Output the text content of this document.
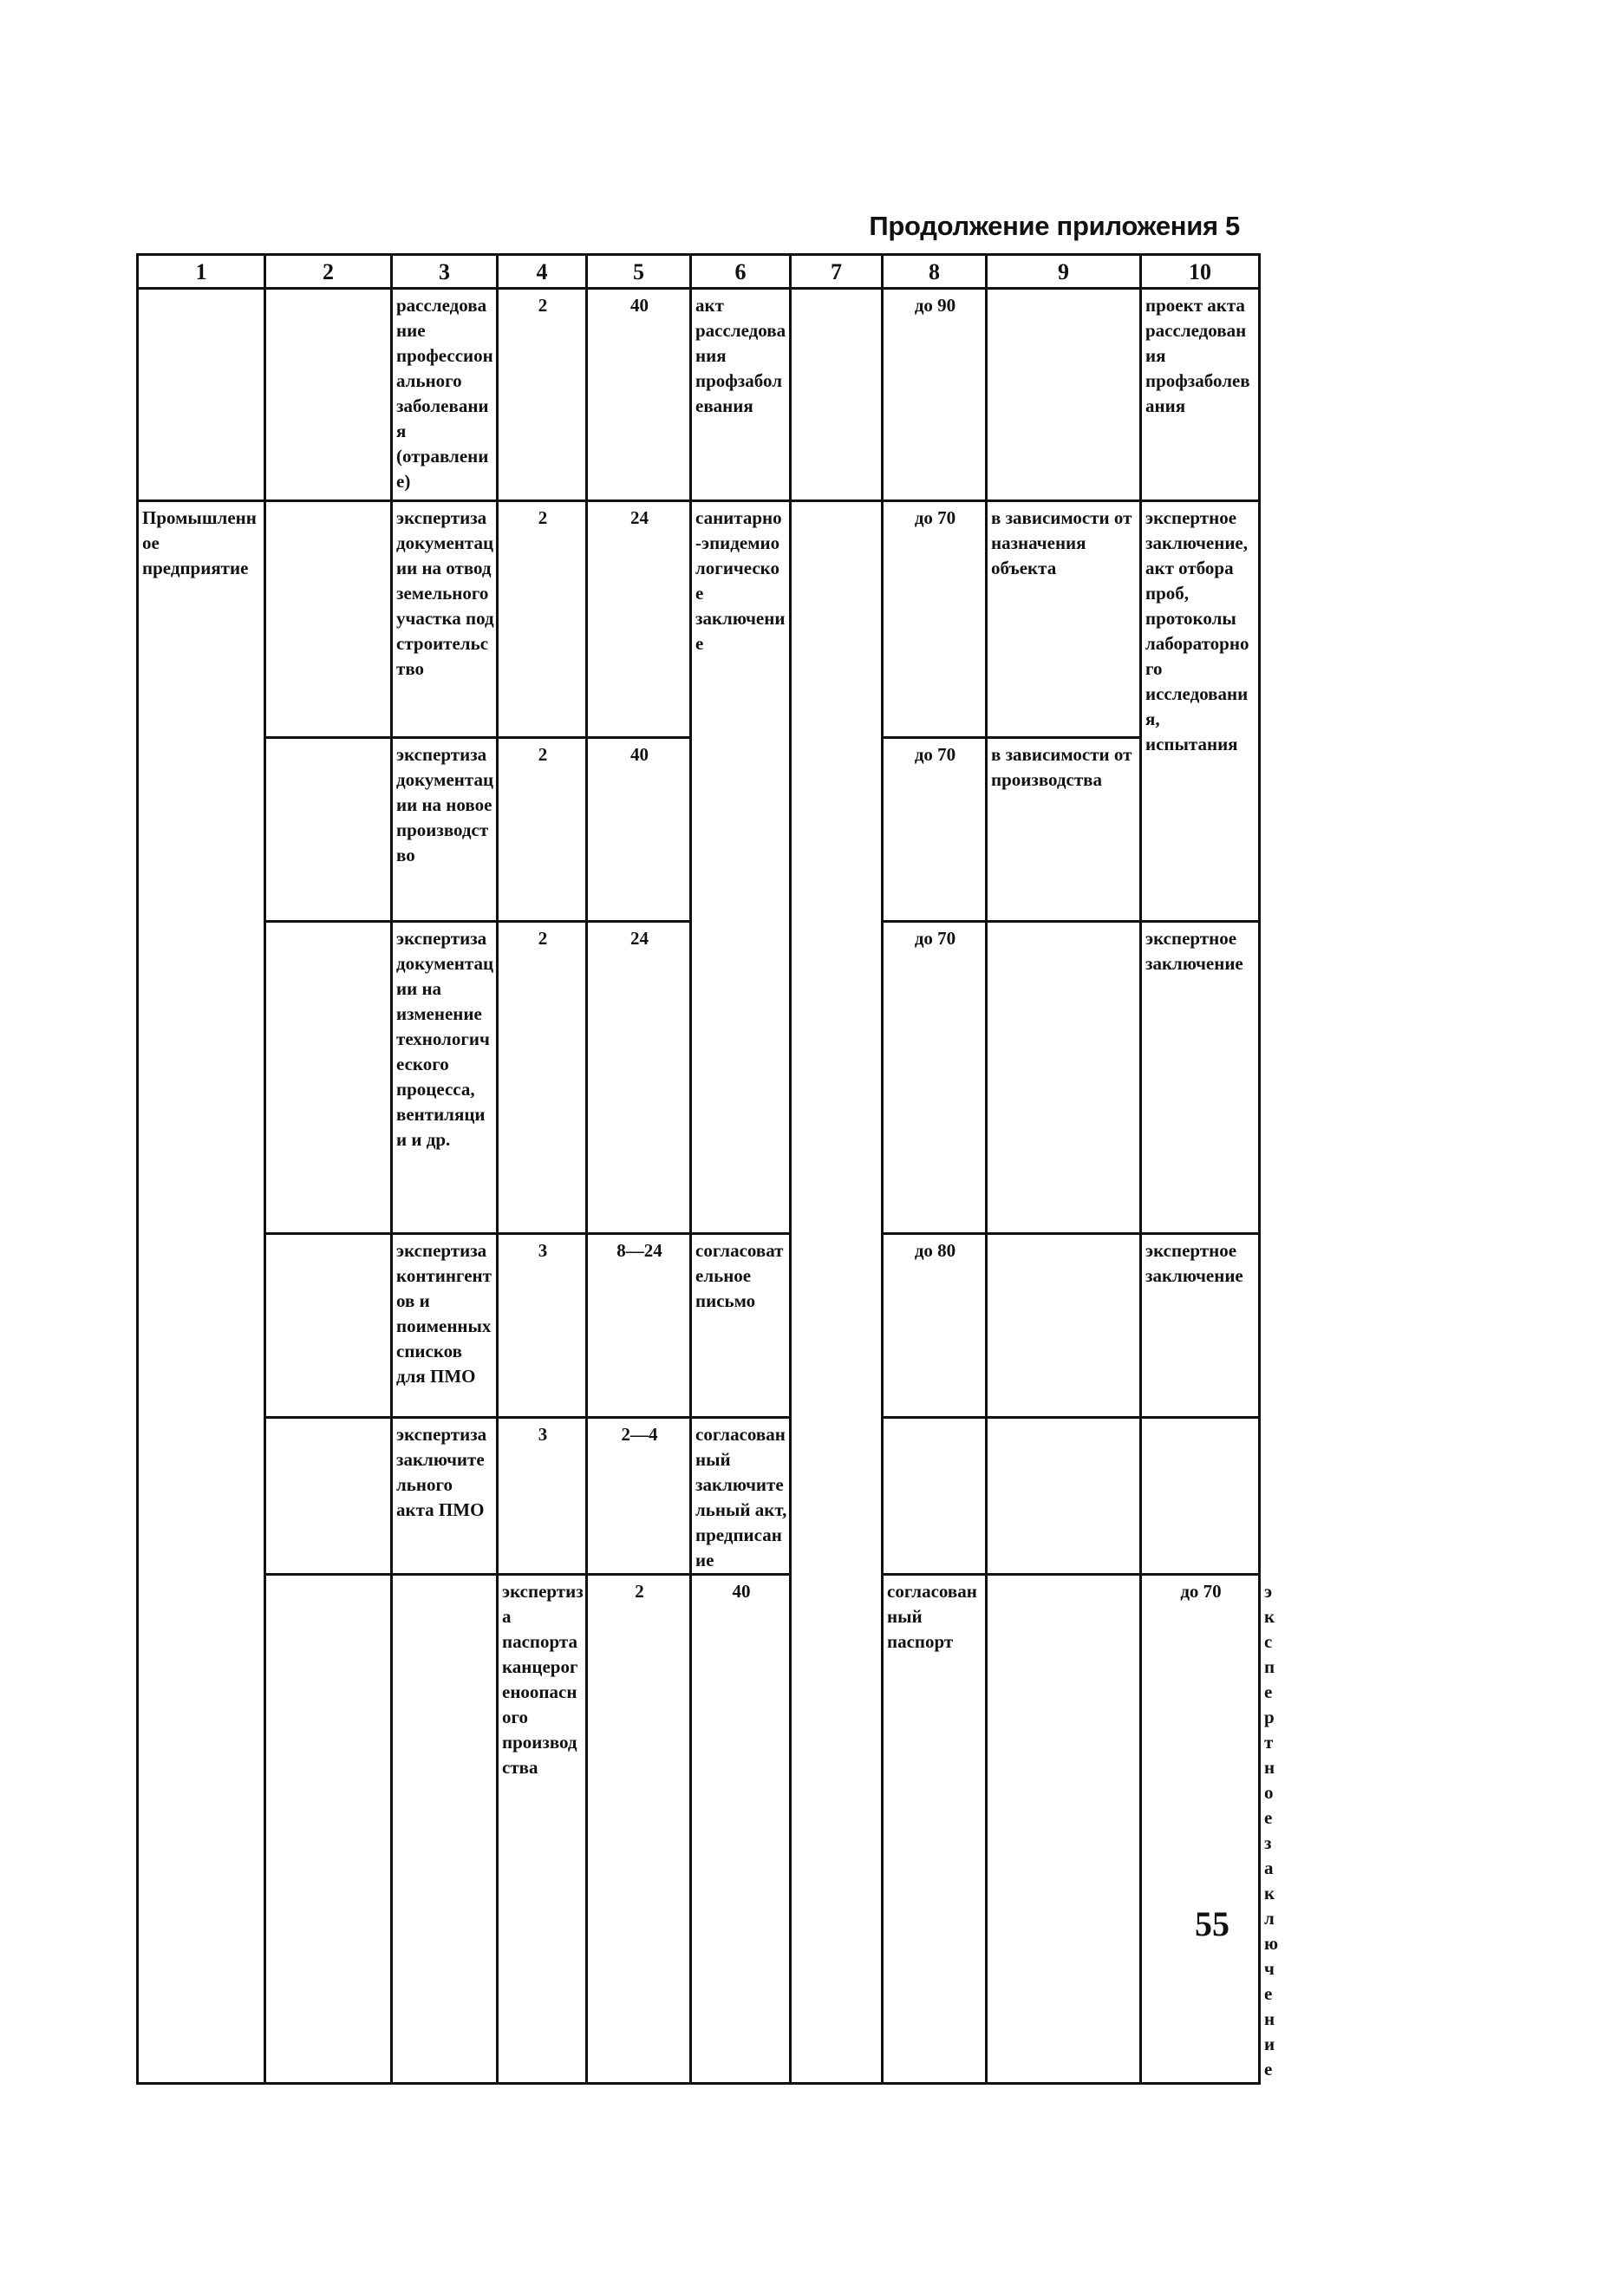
Продолжение приложения 5
1	2	3	4	5	6	7	8	9	10	
		расследование профессионального заболевания (отравление)	2	40	акт расследования профзаболевания		до 90		проект акта расследования профзаболевания	
Промышленное предприятие		экспертиза документации на отвод земельного участка под строительство	2	24	санитарно-эпидемиологическое заключение		до 70	в зависимости от назначения объекта	экспертное заключение, акт отбора проб, протоколы лабораторного исследования, испытания	
		экспертиза документации на новое производство	2	40			до 70	в зависимости от производства		
		экспертиза документации на изменение технологического процесса, вентиляции и др.	2	24			до 70		экспертное заключение	
		экспертиза контингентов и поименных списков для ПМО	3	8—24	согласовательное письмо		до 80		экспертное заключение	
		экспертиза заключительного акта ПМО	3	2—4	согласованный заключительный акт, предписание					
			экспертиза паспорта канцерогеноопасного производства	2	40		согласованный паспорт		до 70		экспертное заключение
55
